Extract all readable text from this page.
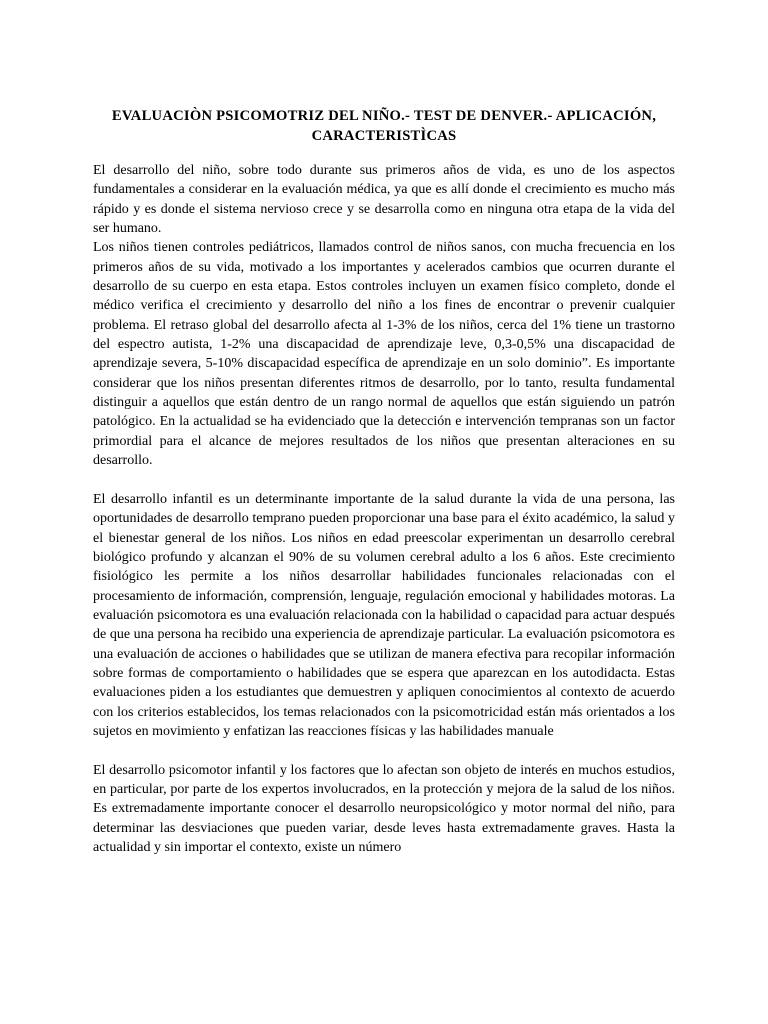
EVALUACIÒN PSICOMOTRIZ DEL NIÑO.- TEST DE DENVER.- APLICACIÓN, CARACTERISTÌCAS

El desarrollo del niño, sobre todo durante sus primeros años de vida, es uno de los aspectos fundamentales a considerar en la evaluación médica, ya que es allí donde el crecimiento es mucho más rápido y es donde el sistema nervioso crece y se desarrolla como en ninguna otra etapa de la vida del ser humano.

Los niños tienen controles pediátricos, llamados control de niños sanos, con mucha frecuencia en los primeros años de su vida, motivado a los importantes y acelerados cambios que ocurren durante el desarrollo de su cuerpo en esta etapa. Estos controles incluyen un examen físico completo, donde el médico verifica el crecimiento y desarrollo del niño a los fines de encontrar o prevenir cualquier problema. El retraso global del desarrollo afecta al 1-3% de los niños, cerca del 1% tiene un trastorno del espectro autista, 1-2% una discapacidad de aprendizaje leve, 0,3-0,5% una discapacidad de aprendizaje severa, 5-10% discapacidad específica de aprendizaje en un solo dominio”. Es importante considerar que los niños presentan diferentes ritmos de desarrollo, por lo tanto, resulta fundamental distinguir a aquellos que están dentro de un rango normal de aquellos que están siguiendo un patrón patológico. En la actualidad se ha evidenciado que la detección e intervención tempranas son un factor primordial para el alcance de mejores resultados de los niños que presentan alteraciones en su desarrollo.

El desarrollo infantil es un determinante importante de la salud durante la vida de una persona, las oportunidades de desarrollo temprano pueden proporcionar una base para el éxito académico, la salud y el bienestar general de los niños. Los niños en edad preescolar experimentan un desarrollo cerebral biológico profundo y alcanzan el 90% de su volumen cerebral adulto a los 6 años. Este crecimiento fisiológico les permite a los niños desarrollar habilidades funcionales relacionadas con el procesamiento de información, comprensión, lenguaje, regulación emocional y habilidades motoras. La evaluación psicomotora es una evaluación relacionada con la habilidad o capacidad para actuar después de que una persona ha recibido una experiencia de aprendizaje particular. La evaluación psicomotora es una evaluación de acciones o habilidades que se utilizan de manera efectiva para recopilar información sobre formas de comportamiento o habilidades que se espera que aparezcan en los autodidacta. Estas evaluaciones piden a los estudiantes que demuestren y apliquen conocimientos al contexto de acuerdo con los criterios establecidos, los temas relacionados con la psicomotricidad están más orientados a los sujetos en movimiento y enfatizan las reacciones físicas y las habilidades manuale

El desarrollo psicomotor infantil y los factores que lo afectan son objeto de interés en muchos estudios, en particular, por parte de los expertos involucrados, en la protección y mejora de la salud de los niños. Es extremadamente importante conocer el desarrollo neuropsicológico y motor normal del niño, para determinar las desviaciones que pueden variar, desde leves hasta extremadamente graves. Hasta la actualidad y sin importar el contexto, existe un número
